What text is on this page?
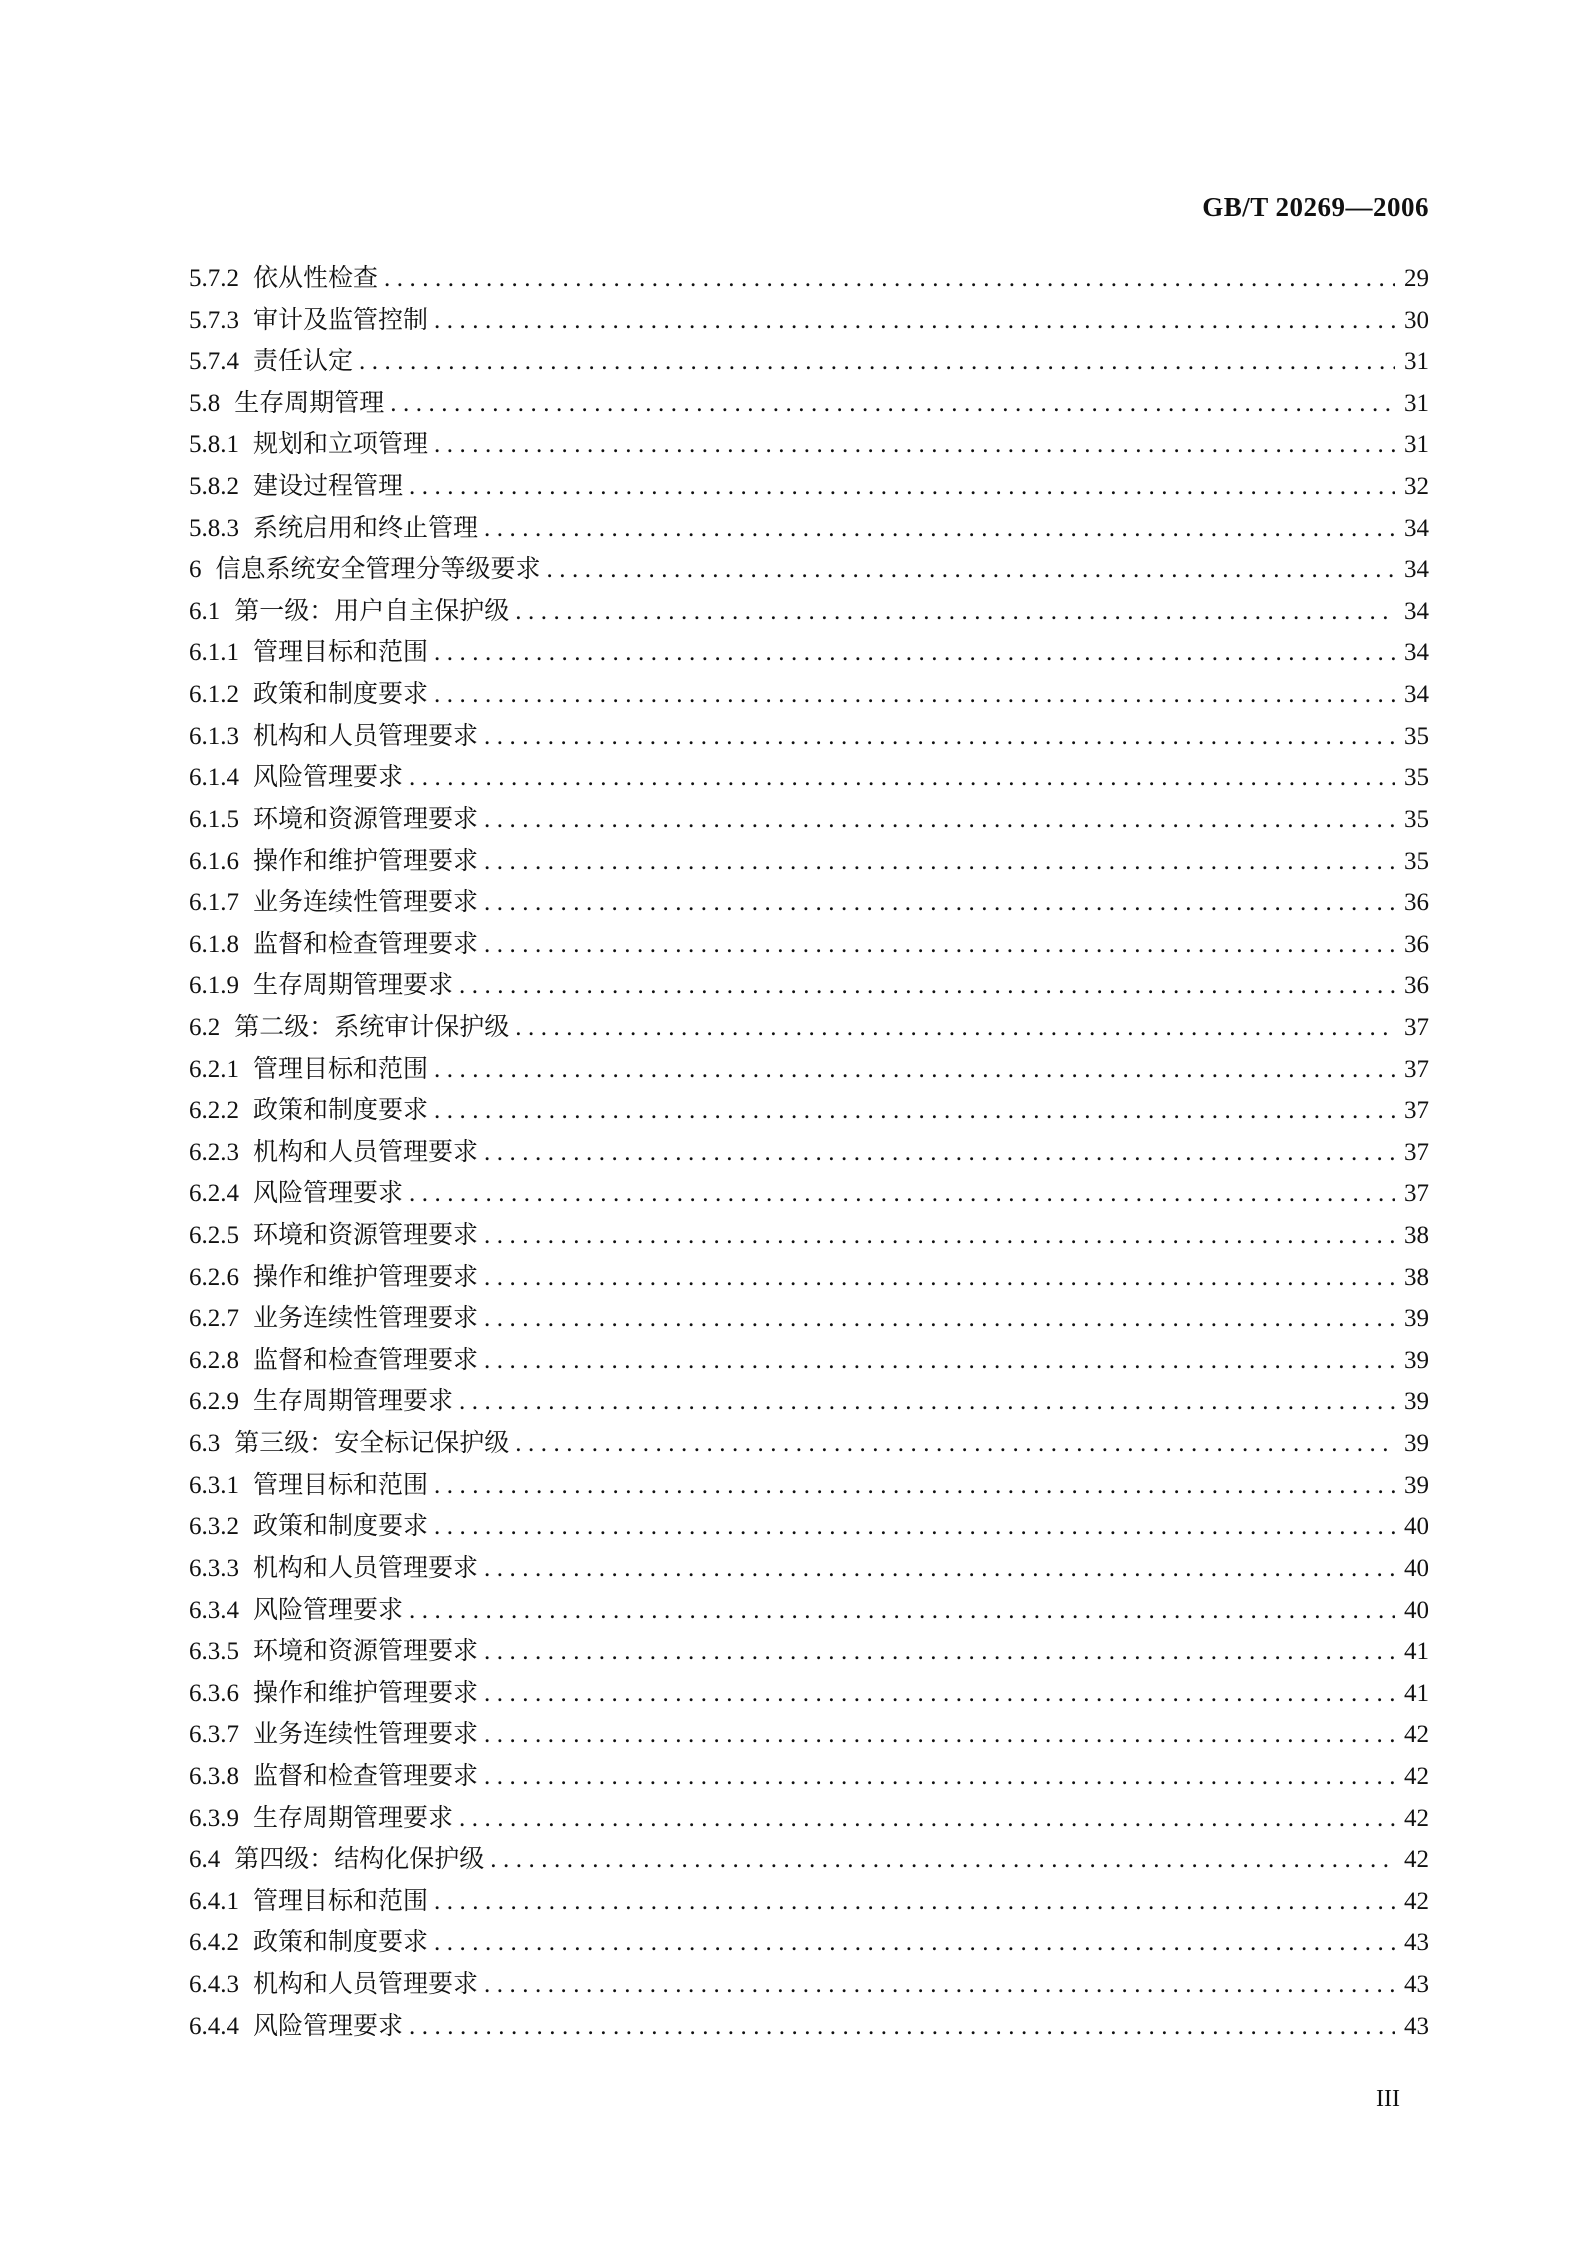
GB/T 20269—2006
5.7.2 依从性检查 .....	29
5.7.3 审计及监管控制 .....	30
5.7.4 责任认定 .....	31
5.8 生存周期管理 .....	31
5.8.1 规划和立项管理 .....	31
5.8.2 建设过程管理 .....	32
5.8.3 系统启用和终止管理 .....	34
6 信息系统安全管理分等级要求 .....	34
6.1 第一级：用户自主保护级 .....	34
6.1.1 管理目标和范围 .....	34
6.1.2 政策和制度要求 .....	34
6.1.3 机构和人员管理要求 .....	35
6.1.4 风险管理要求 .....	35
6.1.5 环境和资源管理要求 .....	35
6.1.6 操作和维护管理要求 .....	35
6.1.7 业务连续性管理要求 .....	36
6.1.8 监督和检查管理要求 .....	36
6.1.9 生存周期管理要求 .....	36
6.2 第二级：系统审计保护级 .....	37
6.2.1 管理目标和范围 .....	37
6.2.2 政策和制度要求 .....	37
6.2.3 机构和人员管理要求 .....	37
6.2.4 风险管理要求 .....	37
6.2.5 环境和资源管理要求 .....	38
6.2.6 操作和维护管理要求 .....	38
6.2.7 业务连续性管理要求 .....	39
6.2.8 监督和检查管理要求 .....	39
6.2.9 生存周期管理要求 .....	39
6.3 第三级：安全标记保护级 .....	39
6.3.1 管理目标和范围 .....	39
6.3.2 政策和制度要求 .....	40
6.3.3 机构和人员管理要求 .....	40
6.3.4 风险管理要求 .....	40
6.3.5 环境和资源管理要求 .....	41
6.3.6 操作和维护管理要求 .....	41
6.3.7 业务连续性管理要求 .....	42
6.3.8 监督和检查管理要求 .....	42
6.3.9 生存周期管理要求 .....	42
6.4 第四级：结构化保护级 .....	42
6.4.1 管理目标和范围 .....	42
6.4.2 政策和制度要求 .....	43
6.4.3 机构和人员管理要求 .....	43
6.4.4 风险管理要求 .....	43
III
